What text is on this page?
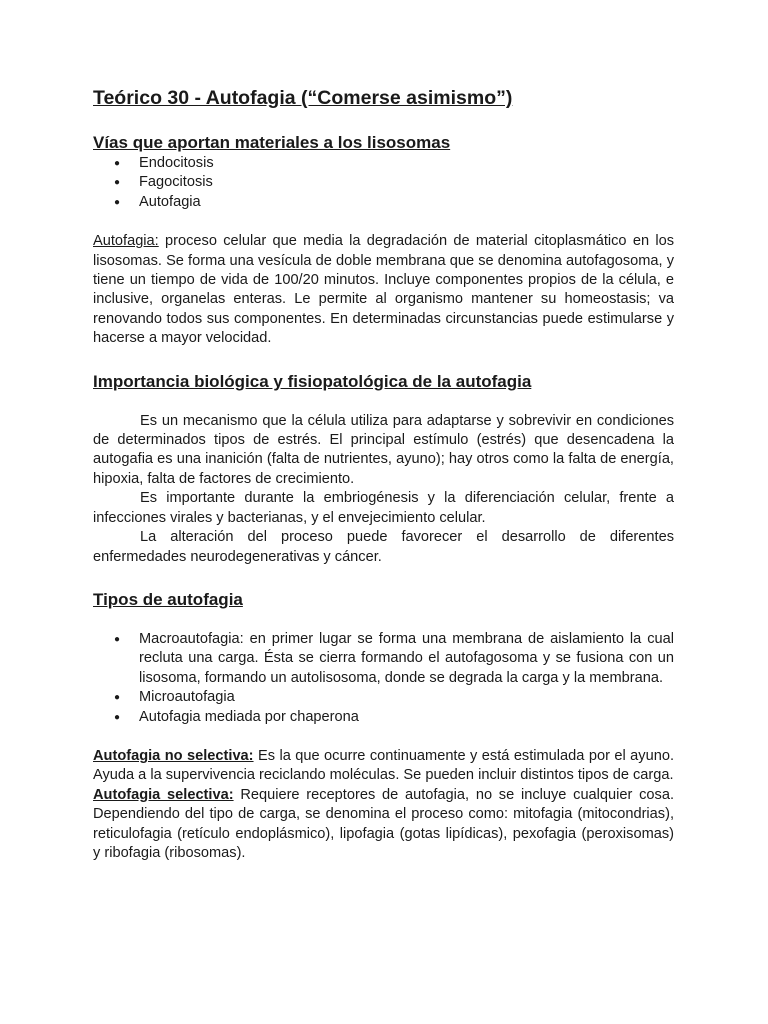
Teórico 30 - Autofagia (“Comerse asimismo”)
Vías que aportan materiales a los lisosomas
● Endocitosis
● Fagocitosis
● Autofagia

Autofagia: proceso celular que media la degradación de material citoplasmático en los lisosomas. Se forma una vesícula de doble membrana que se denomina autofagosoma, y tiene un tiempo de vida de 100/20 minutos. Incluye componentes propios de la célula, e inclusive, organelas enteras. Le permite al organismo mantener su homeostasis; va renovando todos sus componentes. En determinadas circunstancias puede estimularse y hacerse a mayor velocidad.

Importancia biológica y fisiopatológica de la autofagia

Es un mecanismo que la célula utiliza para adaptarse y sobrevivir en condiciones de determinados tipos de estrés. El principal estímulo (estrés) que desencadena la autogafia es una inanición (falta de nutrientes, ayuno); hay otros como la falta de energía, hipoxia, falta de factores de crecimiento.

Es importante durante la embriogénesis y la diferenciación celular, frente a infecciones virales y bacterianas, y el envejecimiento celular.

La alteración del proceso puede favorecer el desarrollo de diferentes enfermedades neurodegenerativas y cáncer.

Tipos de autofagia
● Macroautofagia: en primer lugar se forma una membrana de aislamiento la cual recluta una carga. Ésta se cierra formando el autofagosoma y se fusiona con un lisosoma, formando un autolisosoma, donde se degrada la carga y la membrana.
● Microautofagia
● Autofagia mediada por chaperona

Autofagia no selectiva: Es la que ocurre continuamente y está estimulada por el ayuno. Ayuda a la supervivencia reciclando moléculas. Se pueden incluir distintos tipos de carga.

Autofagia selectiva: Requiere receptores de autofagia, no se incluye cualquier cosa. Dependiendo del tipo de carga, se denomina el proceso como: mitofagia (mitocondrias), reticulofagia (retículo endoplásmico), lipofagia (gotas lipídicas), pexofagia (peroxisomas) y ribofagia (ribosomas).
